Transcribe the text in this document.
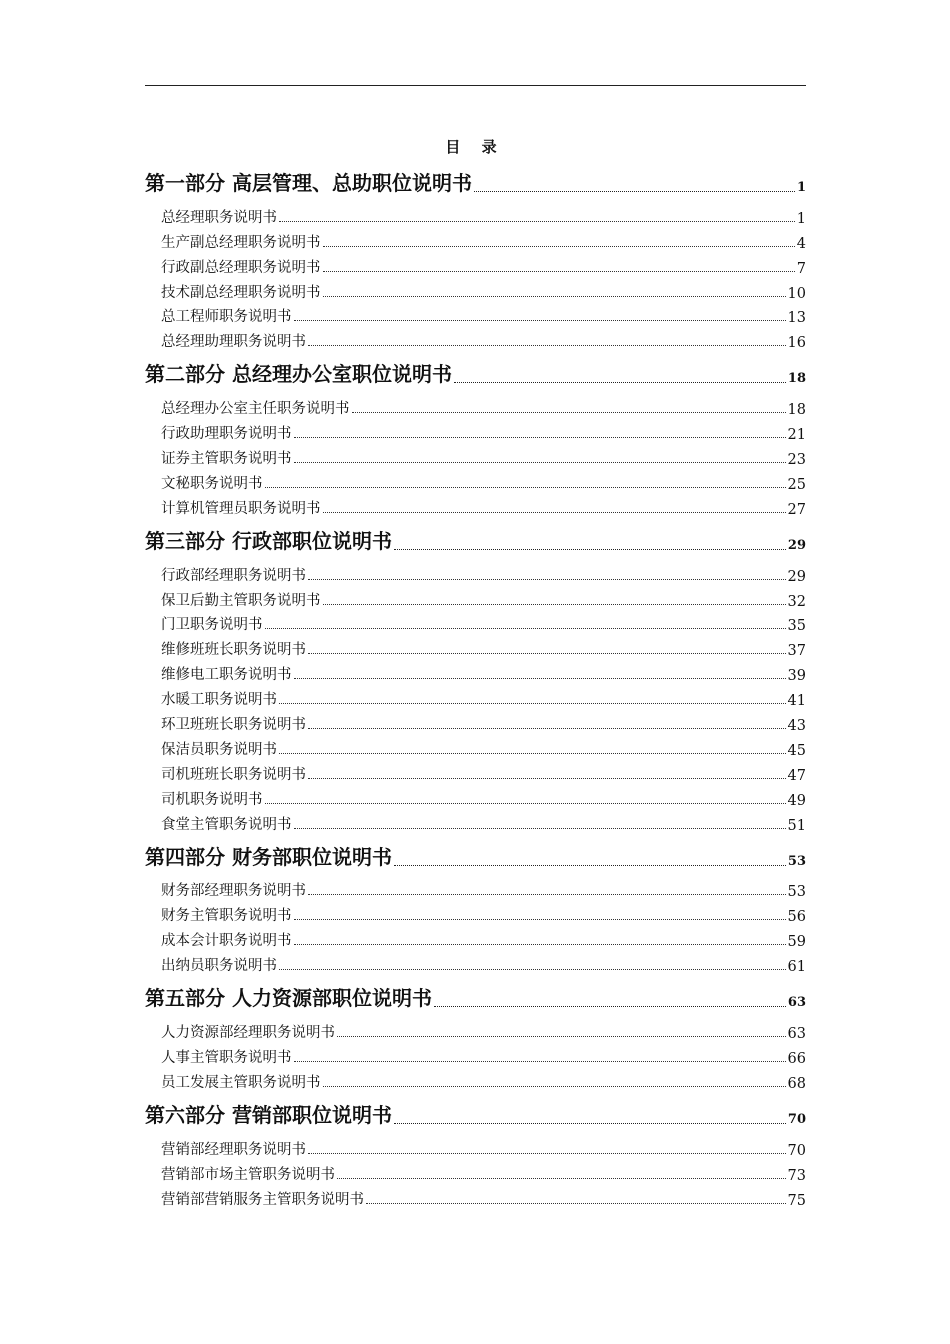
目 录
第一部分 高层管理、总助职位说明书	1
总经理职务说明书	1
生产副总经理职务说明书	4
行政副总经理职务说明书	7
技术副总经理职务说明书	10
总工程师职务说明书	13
总经理助理职务说明书	16
第二部分 总经理办公室职位说明书	18
总经理办公室主任职务说明书	18
行政助理职务说明书	21
证券主管职务说明书	23
文秘职务说明书	25
计算机管理员职务说明书	27
第三部分 行政部职位说明书	29
行政部经理职务说明书	29
保卫后勤主管职务说明书	32
门卫职务说明书	35
维修班班长职务说明书	37
维修电工职务说明书	39
水暖工职务说明书	41
环卫班班长职务说明书	43
保洁员职务说明书	45
司机班班长职务说明书	47
司机职务说明书	49
食堂主管职务说明书	51
第四部分 财务部职位说明书	53
财务部经理职务说明书	53
财务主管职务说明书	56
成本会计职务说明书	59
出纳员职务说明书	61
第五部分 人力资源部职位说明书	63
人力资源部经理职务说明书	63
人事主管职务说明书	66
员工发展主管职务说明书	68
第六部分 营销部职位说明书	70
营销部经理职务说明书	70
营销部市场主管职务说明书	73
营销部营销服务主管职务说明书	75
